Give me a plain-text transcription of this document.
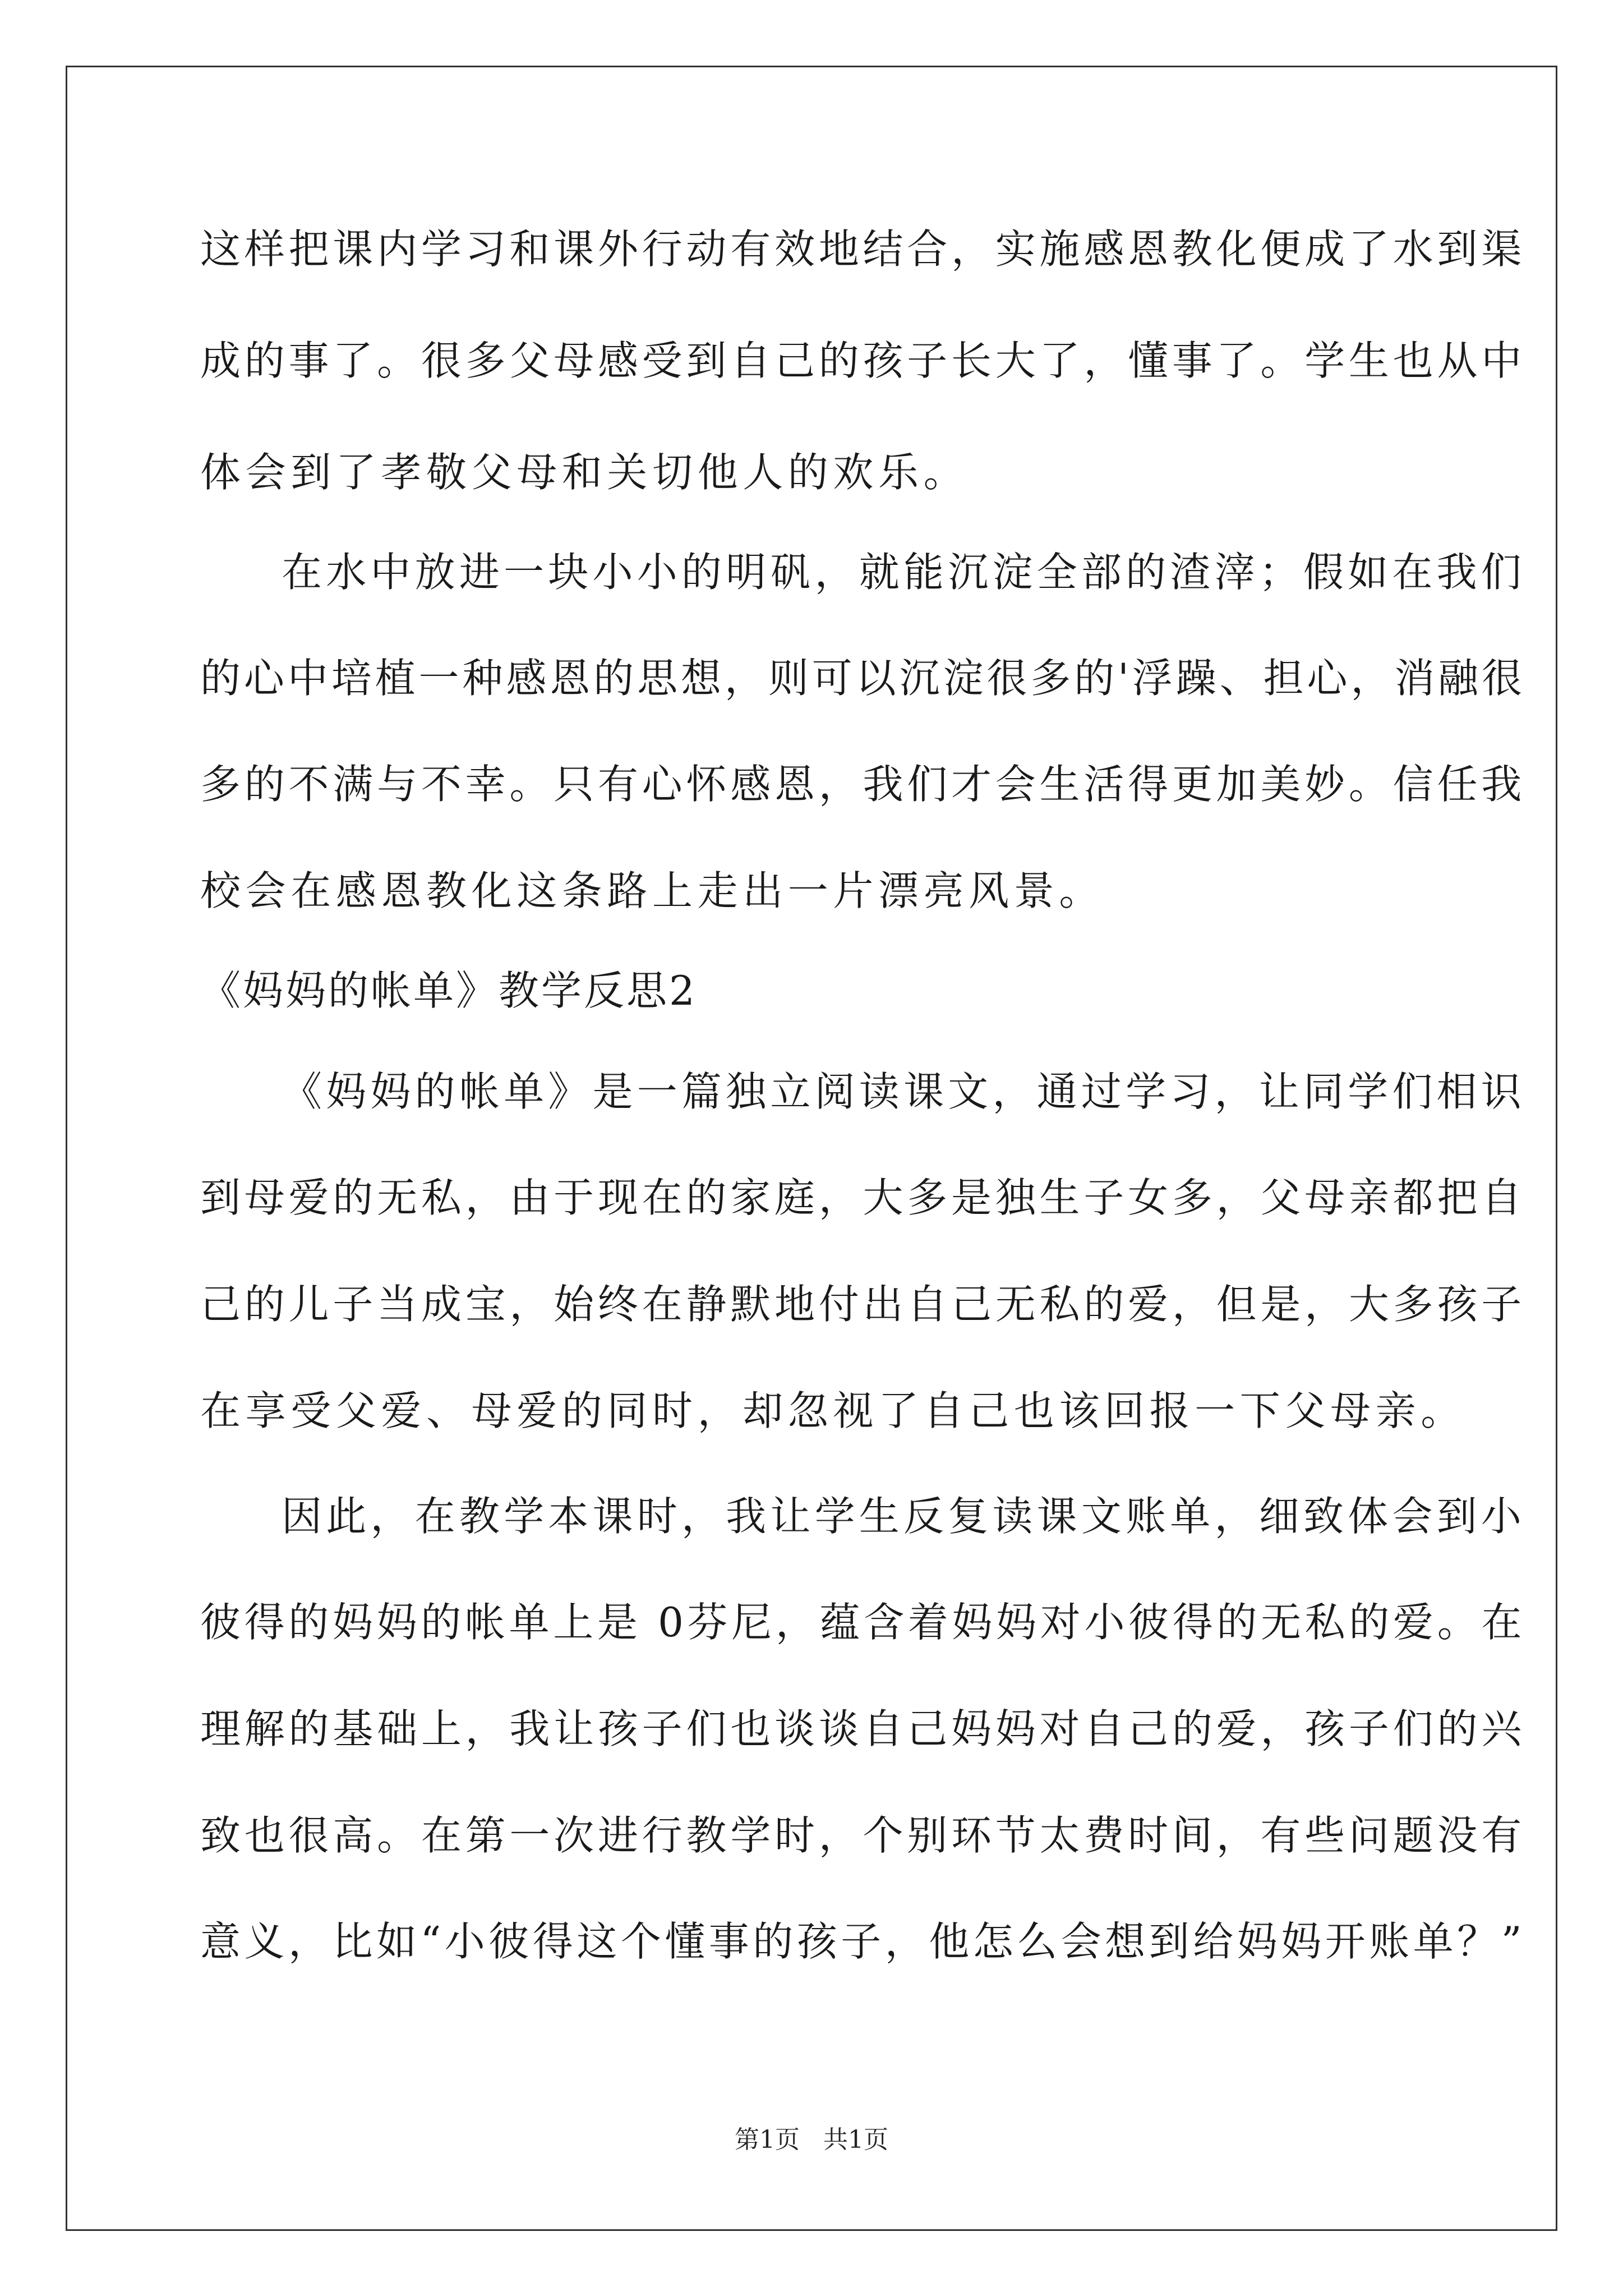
这样把课内学习和课外行动有效地结合，实施感恩教化便成了水到渠
成的事了。很多父母感受到自己的孩子长大了，懂事了。学生也从中
体会到了孝敬父母和关切他人的欢乐。
在水中放进一块小小的明矾，就能沉淀全部的渣滓；假如在我们
的心中培植一种感恩的思想，则可以沉淀很多的'浮躁、担心，消融很
多的不满与不幸。只有心怀感恩，我们才会生活得更加美妙。信任我
校会在感恩教化这条路上走出一片漂亮风景。
《妈妈的帐单》教学反思2
《妈妈的帐单》是一篇独立阅读课文，通过学习，让同学们相识
到母爱的无私，由于现在的家庭，大多是独生子女多，父母亲都把自
己的儿子当成宝，始终在静默地付出自己无私的爱，但是，大多孩子
在享受父爱、母爱的同时，却忽视了自己也该回报一下父母亲。
因此，在教学本课时，我让学生反复读课文账单，细致体会到小
彼得的妈妈的帐单上是 0芬尼，蕴含着妈妈对小彼得的无私的爱。在
理解的基础上，我让孩子们也谈谈自己妈妈对自己的爱，孩子们的兴
致也很高。在第一次进行教学时，个别环节太费时间，有些问题没有
意义，比如“小彼得这个懂事的孩子，他怎么会想到给妈妈开账单？”
第1页   共1页
